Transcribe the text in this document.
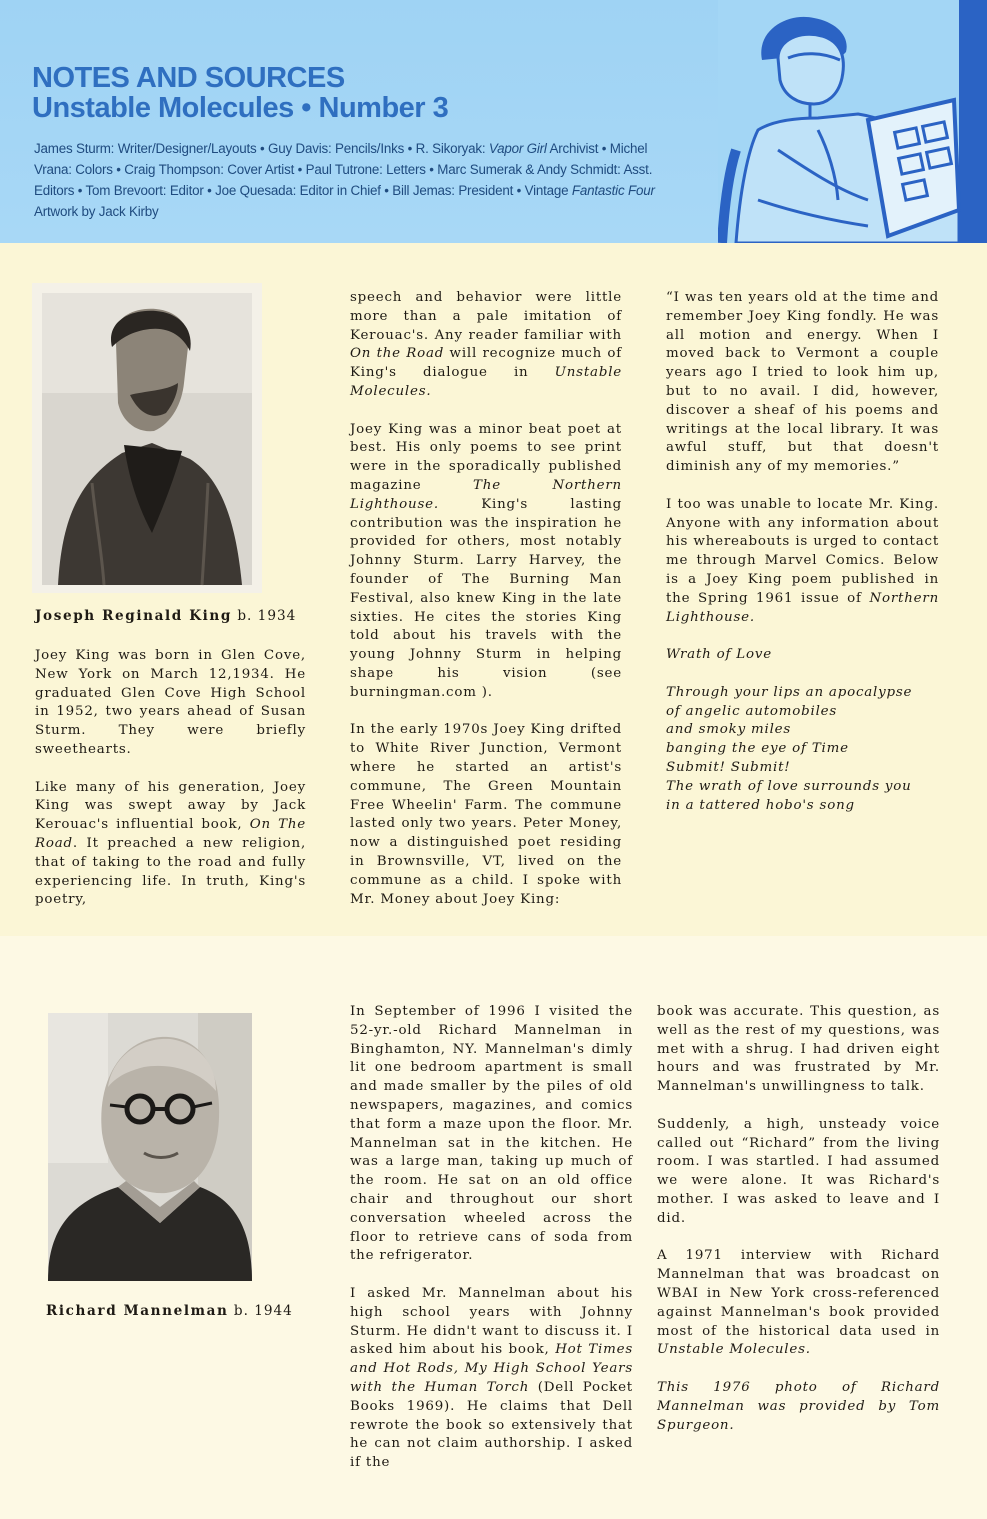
NOTES AND SOURCES
Unstable Molecules • Number 3
James Sturm: Writer/Designer/Layouts • Guy Davis: Pencils/Inks • R. Sikoryak: Vapor Girl Archivist • Michel Vrana: Colors • Craig Thompson: Cover Artist • Paul Tutrone: Letters • Marc Sumerak & Andy Schmidt: Asst. Editors • Tom Brevoort: Editor • Joe Quesada: Editor in Chief • Bill Jemas: President • Vintage Fantastic Four Artwork by Jack Kirby
Joseph Reginald King b. 1934

Joey King was born in Glen Cove, New York on March 12,1934. He graduated Glen Cove High School in 1952, two years ahead of Susan Sturm. They were briefly sweethearts.

Like many of his generation, Joey King was swept away by Jack Kerouac's influential book, On The Road. It preached a new religion, that of taking to the road and fully experiencing life. In truth, King's poetry,

speech and behavior were little more than a pale imitation of Kerouac's. Any reader familiar with On the Road will recognize much of King's dialogue in Unstable Molecules.

Joey King was a minor beat poet at best. His only poems to see print were in the sporadically published magazine The Northern Lighthouse. King's lasting contribution was the inspiration he provided for others, most notably Johnny Sturm. Larry Harvey, the founder of The Burning Man Festival, also knew King in the late sixties. He cites the stories King told about his travels with the young Johnny Sturm in helping shape his vision (see burningman.com ).

In the early 1970s Joey King drifted to White River Junction, Vermont where he started an artist's commune, The Green Mountain Free Wheelin' Farm. The commune lasted only two years. Peter Money, now a distinguished poet residing in Brownsville, VT, lived on the commune as a child. I spoke with Mr. Money about Joey King:

“I was ten years old at the time and remember Joey King fondly. He was all motion and energy. When I moved back to Vermont a couple years ago I tried to look him up, but to no avail. I did, however, discover a sheaf of his poems and writings at the local library. It was awful stuff, but that doesn't diminish any of my memories.”

I too was unable to locate Mr. King. Anyone with any information about his whereabouts is urged to contact me through Marvel Comics. Below is a Joey King poem published in the Spring 1961 issue of Northern Lighthouse.

Wrath of Love

Through your lips an apocalypse
of angelic automobiles
and smoky miles
banging the eye of Time
Submit! Submit!
The wrath of love surrounds you
in a tattered hobo's song
Richard Mannelman b. 1944

In September of 1996 I visited the 52-yr.-old Richard Mannelman in Binghamton, NY. Mannelman's dimly lit one bedroom apartment is small and made smaller by the piles of old newspapers, magazines, and comics that form a maze upon the floor. Mr. Mannelman sat in the kitchen. He was a large man, taking up much of the room. He sat on an old office chair and throughout our short conversation wheeled across the floor to retrieve cans of soda from the refrigerator.

I asked Mr. Mannelman about his high school years with Johnny Sturm. He didn't want to discuss it. I asked him about his book, Hot Times and Hot Rods, My High School Years with the Human Torch (Dell Pocket Books 1969). He claims that Dell rewrote the book so extensively that he can not claim authorship. I asked if the

book was accurate. This question, as well as the rest of my questions, was met with a shrug. I had driven eight hours and was frustrated by Mr. Mannelman's unwillingness to talk.

Suddenly, a high, unsteady voice called out “Richard” from the living room. I was startled. I had assumed we were alone. It was Richard's mother. I was asked to leave and I did.

A 1971 interview with Richard Mannelman that was broadcast on WBAI in New York cross-referenced against Mannelman's book provided most of the historical data used in Unstable Molecules.

This 1976 photo of Richard Mannelman was provided by Tom Spurgeon.
